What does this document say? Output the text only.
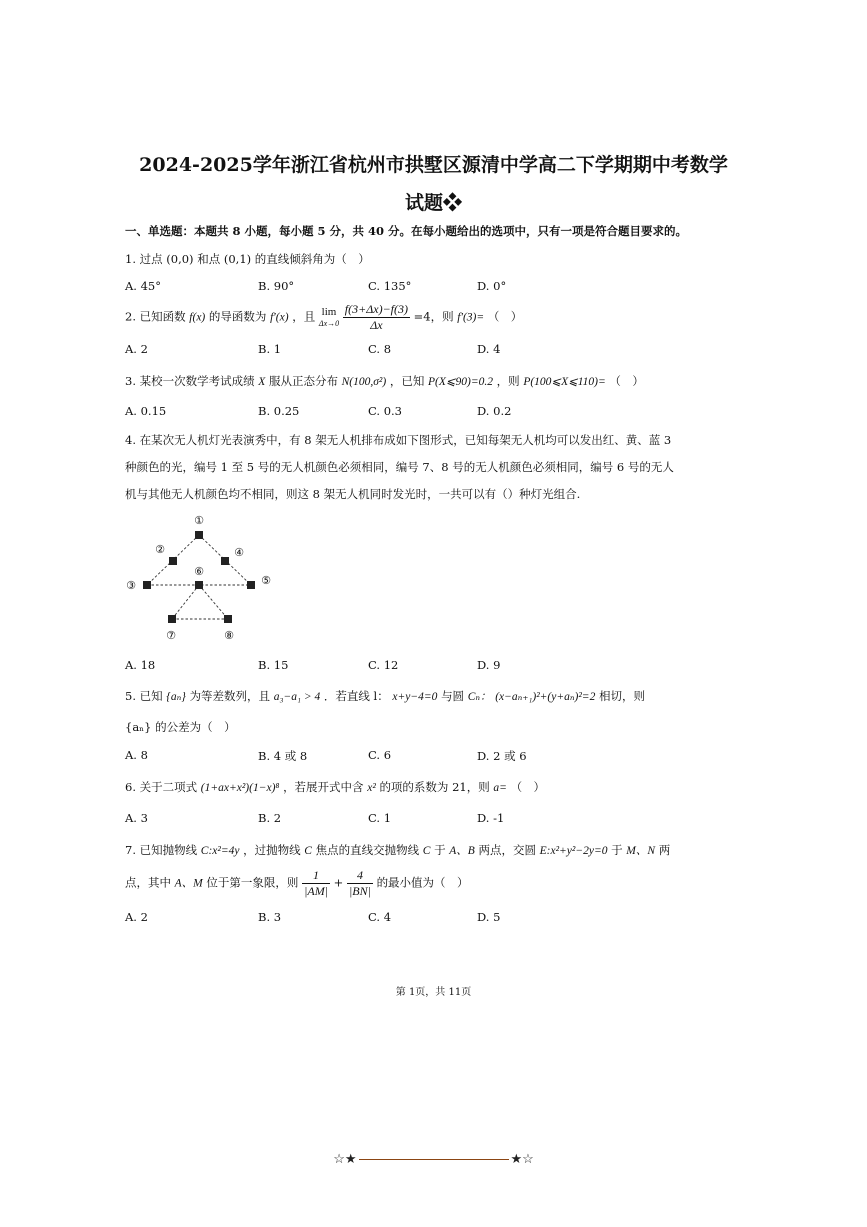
2024-2025学年浙江省杭州市拱墅区源清中学高二下学期期中考数学
试题❖
一、单选题：本题共 8 小题，每小题 5 分，共 40 分。在每小题给出的选项中，只有一项是符合题目要求的。
1. 过点 (0,0) 和点 (0,1) 的直线倾斜角为（　）
A. 45°	B. 90°	C. 135°	D. 0°
2. 已知函数 f(x) 的导函数为 f′(x) ，且 lim
Δx→0
$\frac{f(3+\Delta x)-f(3)}{\Delta x} =4$，则 f′(3)= （　）
A. 2	B. 1	C. 8	D. 4
3. 某校一次数学考试成绩 X 服从正态分布 N(100,σ²) ，已知 P(X⩽90)=0.2 ，则 P(100⩽X⩽110)= （　）
A. 0.15	B. 0.25	C. 0.3	D. 0.2
4. 在某次无人机灯光表演秀中，有 8 架无人机排布成如下图形式，已知每架无人机均可以发出红、黄、蓝 3
种颜色的光，编号 1 至 5 号的无人机颜色必须相同，编号 7、8 号的无人机颜色必须相同，编号 6 号的无人
机与其他无人机颜色均不相同，则这 8 架无人机同时发光时，一共可以有（）种灯光组合.
①
②
③
④
⑤
⑥
⑦	⑧
A. 18	B. 15	C. 12	D. 9
5. 已知 {aₙ} 为等差数列，且 a₃−a₁ > 4 ．若直线 l： x+y−4=0 与圆 Cₙ： (x−aₙ₊₁)²+(y+aₙ)²=2 相切，则
{aₙ} 的公差为（　）
A. 8	B. 4 或 8	C. 6	D. 2 或 6
6. 关于二项式 (1+ax+x²)(1−x)⁸ ，若展开式中含 x² 的项的系数为 21，则 a= （　）
A. 3	B. 2	C. 1	D. -1
7. 已知抛物线 C:x²=4y ，过抛物线 C 焦点的直线交抛物线 C 于 A、B 两点，交圆 E:x²+y²−2y=0 于 M、N 两
点，其中 A、M 位于第一象限，则 $\frac{1}{|AM|} + \frac{4}{|BN|}$ 的最小值为（　）
A. 2	B. 3	C. 4	D. 5
第 1页，共 11页
☆★	★☆
